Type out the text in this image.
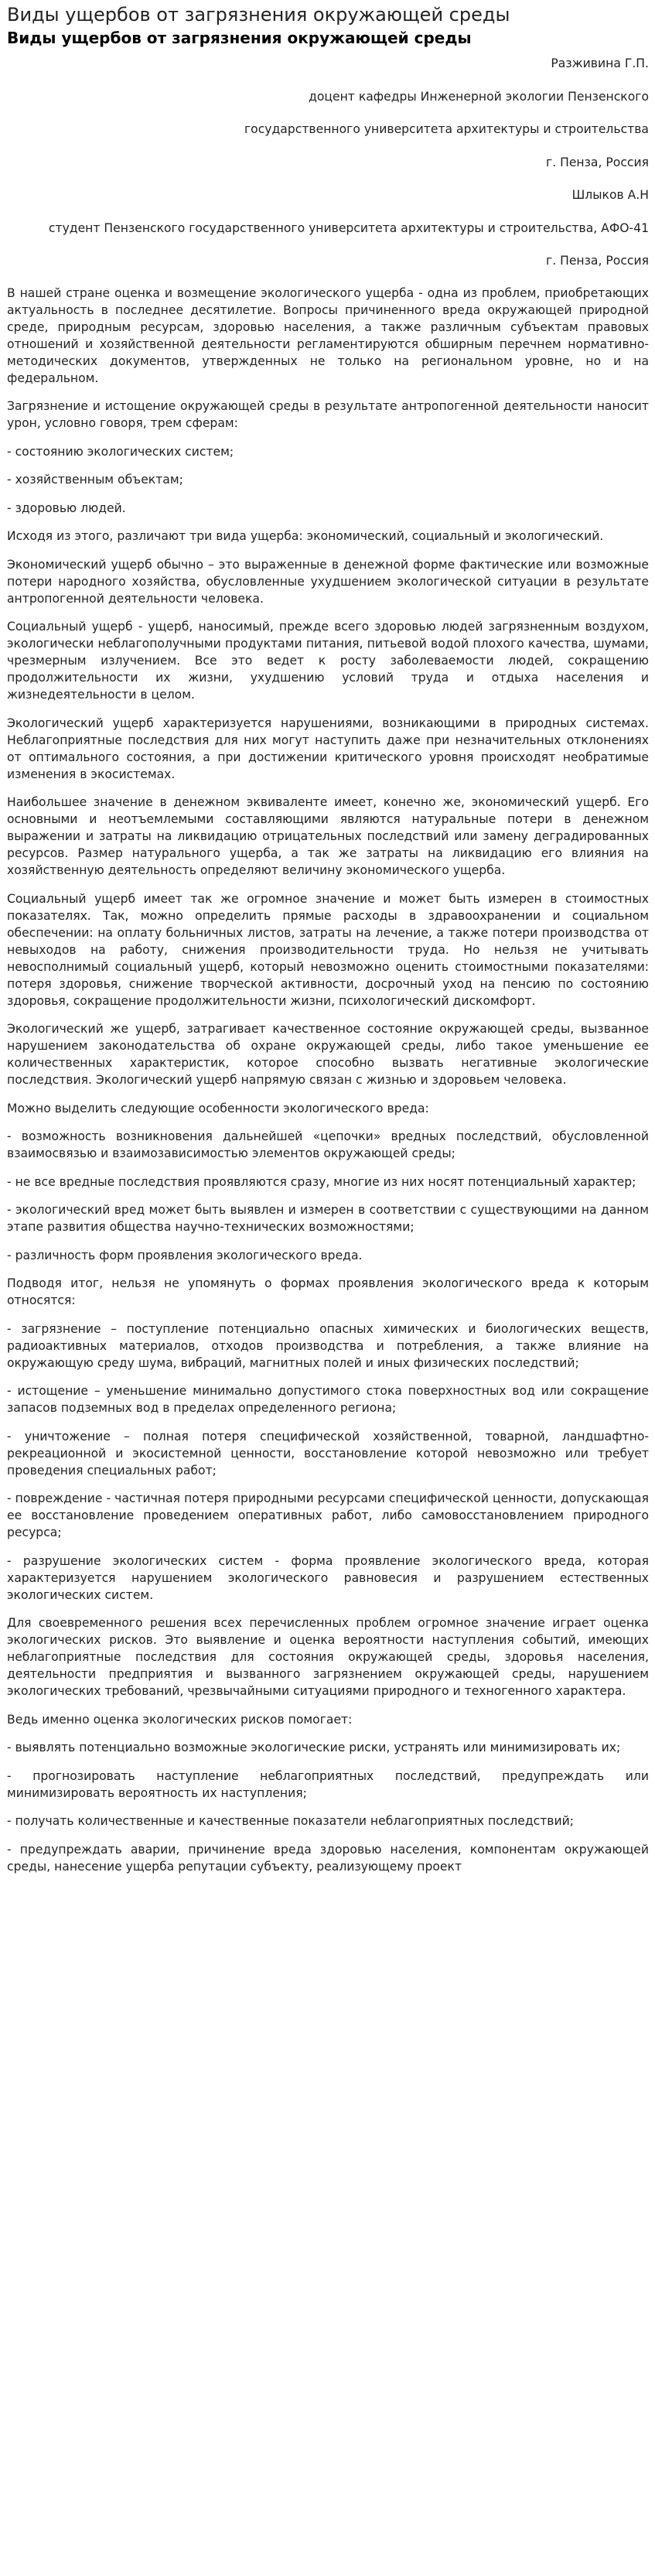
Виды ущербов от загрязнения окружающей среды
Виды ущербов от загрязнения окружающей среды

Разживина Г.П.

доцент кафедры Инженерной экологии Пензенского

государственного университета архитектуры и строительства

г. Пенза, Россия

Шлыков А.Н

студент Пензенского государственного университета архитектуры и строительства, АФО-41

г. Пенза, Россия

В нашей стране оценка и возмещение экологического ущерба - одна из проблем, приобретающих актуальность в последнее десятилетие. Вопросы причиненного вреда окружающей природной среде, природным ресурсам, здоровью населения, а также различным субъектам правовых отношений и хозяйственной деятельности регламентируются обширным перечнем нормативно-методических документов, утвержденных не только на региональном уровне, но и на федеральном.

Загрязнение и истощение окружающей среды в результате антропогенной деятельности наносит урон, условно говоря, трем сферам:

- состоянию экологических систем;

- хозяйственным объектам;

- здоровью людей.

Исходя из этого, различают три вида ущерба: экономический, социальный и экологический.

Экономический ущерб обычно – это выраженные в денежной форме фактические или возможные потери народного хозяйства, обусловленные ухудшением экологической ситуации в результате антропогенной деятельности человека.

Социальный ущерб - ущерб, наносимый, прежде всего здоровью людей загрязненным воздухом, экологически неблагополучными продуктами питания, питьевой водой плохого качества, шумами, чрезмерным излучением. Все это ведет к росту заболеваемости людей, сокращению продолжительности их жизни, ухудшению условий труда и отдыха населения и жизнедеятельности в целом.

Экологический ущерб характеризуется нарушениями, возникающими в природных системах. Неблагоприятные последствия для них могут наступить даже при незначительных отклонениях от оптимального состояния, а при достижении критического уровня происходят необратимые изменения в экосистемах.

Наибольшее значение в денежном эквиваленте имеет, конечно же, экономический ущерб. Его основными и неотъемлемыми составляющими являются натуральные потери в денежном выражении и затраты на ликвидацию отрицательных последствий или замену деградированных ресурсов. Размер натурального ущерба, а так же затраты на ликвидацию его влияния на хозяйственную деятельность определяют величину экономического ущерба.

Социальный ущерб имеет так же огромное значение и может быть измерен в стоимостных показателях. Так, можно определить прямые расходы в здравоохранении и социальном обеспечении: на оплату больничных листов, затраты на лечение, а также потери производства от невыходов на работу, снижения производительности труда. Но нельзя не учитывать невосполнимый социальный ущерб, который невозможно оценить стоимостными показателями: потеря здоровья, снижение творческой активности, досрочный уход на пенсию по состоянию здоровья, сокращение продолжительности жизни, психологический дискомфорт.

Экологический же ущерб, затрагивает качественное состояние окружающей среды, вызванное нарушением законодательства об охране окружающей среды, либо такое уменьшение ее количественных характеристик, которое способно вызвать негативные экологические последствия. Экологический ущерб напрямую связан с жизнью и здоровьем человека.

Можно выделить следующие особенности экологического вреда:

- возможность возникновения дальнейшей «цепочки» вредных последствий, обусловленной взаимосвязью и взаимозависимостью элементов окружающей среды;

- не все вредные последствия проявляются сразу, многие из них носят потенциальный характер;

- экологический вред может быть выявлен и измерен в соответствии с существующими на данном этапе развития общества научно-технических возможностями;

- различность форм проявления экологического вреда.

Подводя итог, нельзя не упомянуть о формах проявления экологического вреда к которым относятся:

- загрязнение – поступление потенциально опасных химических и биологических веществ, радиоактивных материалов, отходов производства и потребления, а также влияние на окружающую среду шума, вибраций, магнитных полей и иных физических последствий;

- истощение – уменьшение минимально допустимого стока поверхностных вод или сокращение запасов подземных вод в пределах определенного региона;

- уничтожение – полная потеря специфической хозяйственной, товарной, ландшафтно-рекреационной и экосистемной ценности, восстановление которой невозможно или требует проведения специальных работ;

- повреждение - частичная потеря природными ресурсами специфической ценности, допускающая ее восстановление проведением оперативных работ, либо самовосстановлением природного ресурса;

- разрушение экологических систем - форма проявление экологического вреда, которая характеризуется нарушением экологического равновесия и разрушением естественных экологических систем.

Для своевременного решения всех перечисленных проблем огромное значение играет оценка экологических рисков. Это выявление и оценка вероятности наступления событий, имеющих неблагоприятные последствия для состояния окружающей среды, здоровья населения, деятельности предприятия и вызванного загрязнением окружающей среды, нарушением экологических требований, чрезвычайными ситуациями природного и техногенного характера.

Ведь именно оценка экологических рисков помогает:

- выявлять потенциально возможные экологические риски, устранять или минимизировать их;

- прогнозировать наступление неблагоприятных последствий, предупреждать или минимизировать вероятность их наступления;

- получать количественные и качественные показатели неблагоприятных последствий;

- предупреждать аварии, причинение вреда здоровью населения, компонентам окружающей среды, нанесение ущерба репутации субъекту, реализующему проект
